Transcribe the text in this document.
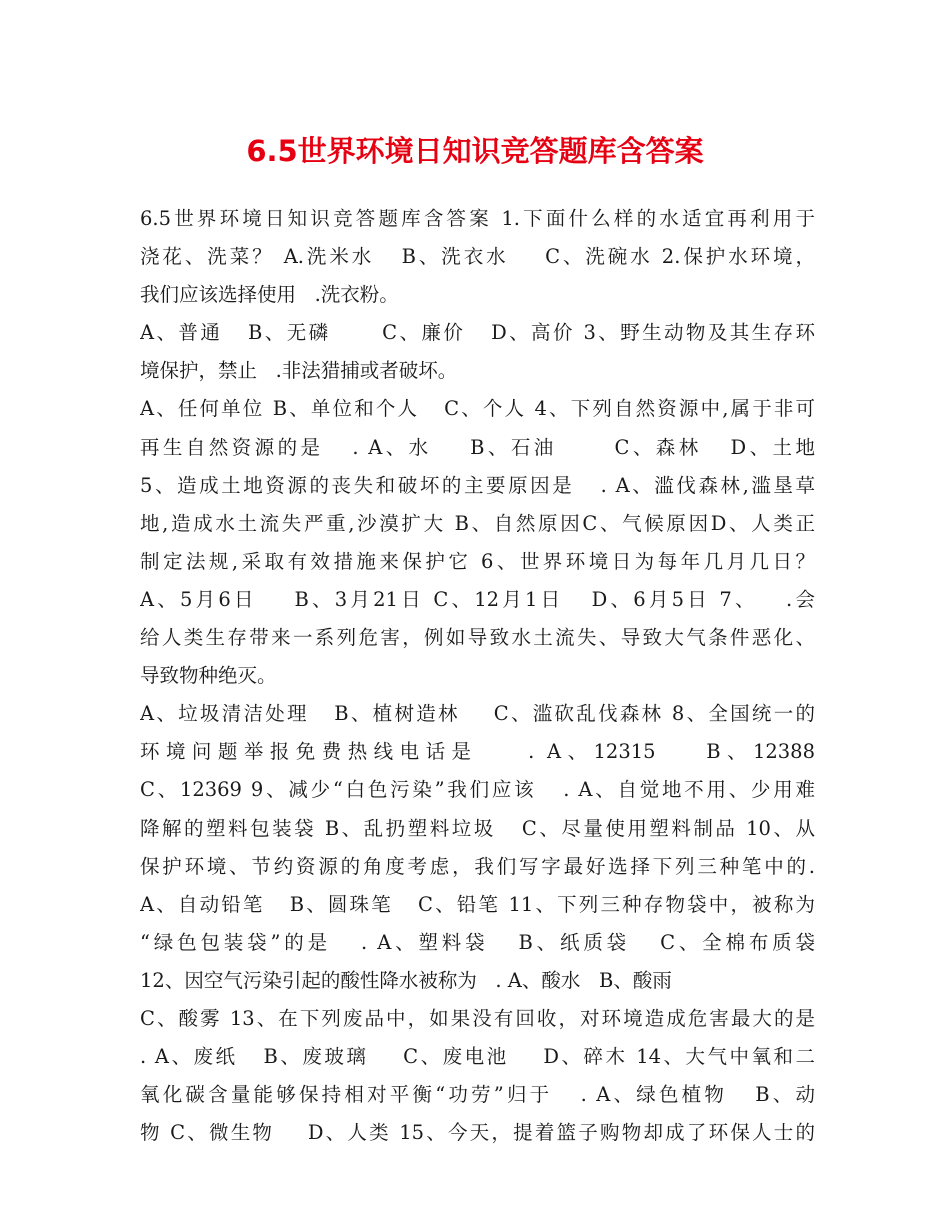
6.5世界环境日知识竞答题库含答案
6.5世界环境日知识竞答题库含答案 1.下面什么样的水适宜再利用于
浇花、洗菜？ A.洗米水   B、洗衣水    C、洗碗水 2.保护水环境，
我们应该选择使用   .洗衣粉。
A、普通   B、无磷      C、廉价   D、高价 3、野生动物及其生存环
境保护，禁止   .非法猎捕或者破坏。
A、任何单位 B、单位和个人   C、个人 4、下列自然资源中,属于非可
再生自然资源的是   . A、水    B、石油      C、森林   D、土地
5、造成土地资源的丧失和破坏的主要原因是   . A、滥伐森林,滥垦草
地,造成水土流失严重,沙漠扩大 B、自然原因C、气候原因D、人类正
制定法规,采取有效措施来保护它 6、世界环境日为每年几月几日？
A、5月6日    B、3月21日 C、12月1日   D、6月5日 7、   .会
给人类生存带来一系列危害，例如导致水土流失、导致大气条件恶化、
导致物种绝灭。
A、垃圾清洁处理   B、植树造林    C、滥砍乱伐森林 8、全国统一的
环境问题举报免费热线电话是    . A、12315    B、12388
C、12369 9、减少“白色污染”我们应该   . A、自觉地不用、少用难
降解的塑料包装袋 B、乱扔塑料垃圾   C、尽量使用塑料制品 10、从
保护环境、节约资源的角度考虑，我们写字最好选择下列三种笔中的.
A、自动铅笔   B、圆珠笔   C、铅笔 11、下列三种存物袋中，被称为
“绿色包装袋”的是   . A、塑料袋   B、纸质袋   C、全棉布质袋
12、因空气污染引起的酸性降水被称为   . A、酸水   B、酸雨
C、酸雾 13、在下列废品中，如果没有回收，对环境造成危害最大的是
. A、废纸   B、废玻璃    C、废电池    D、碎木 14、大气中氧和二
氧化碳含量能够保持相对平衡“功劳”归于   . A、绿色植物   B、动
物 C、微生物    D、人类 15、今天，提着篮子购物却成了环保人士的
